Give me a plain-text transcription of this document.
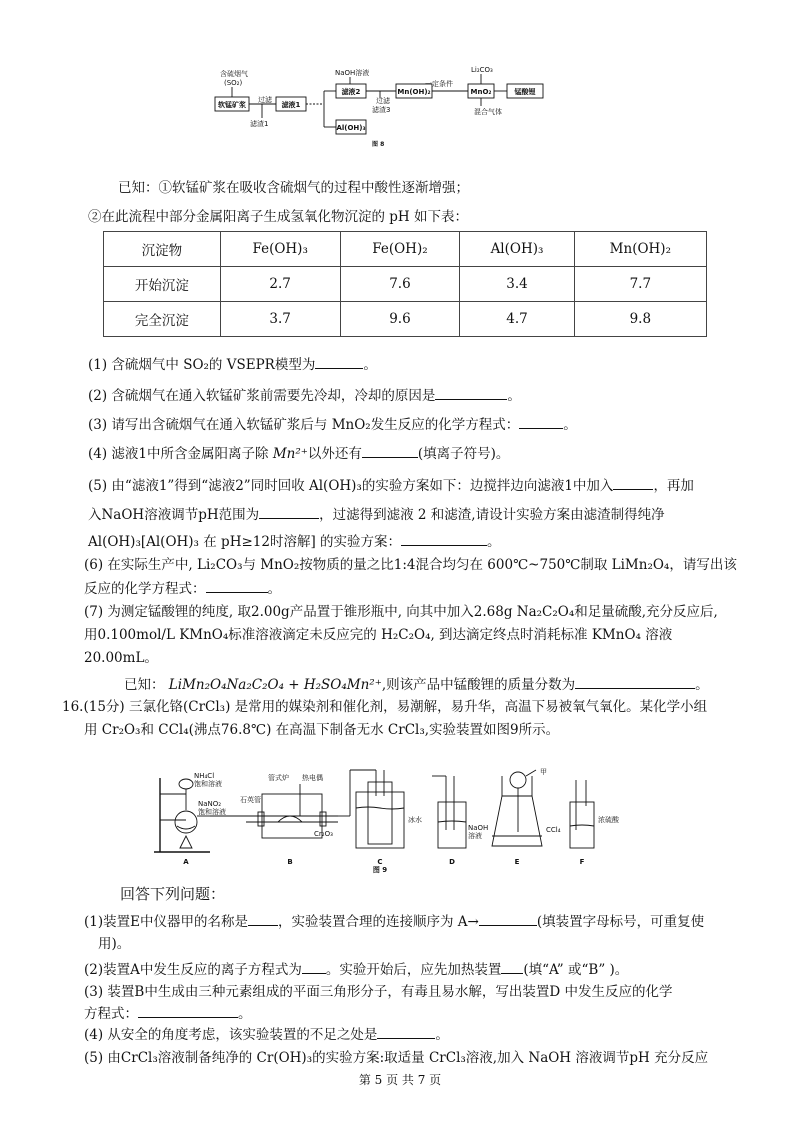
含硫烟气
(SO₂)
NaOH溶液	Li₂CO₃
过滤
滤渣1
过滤
滤渣3
一定条件
混合气体
图 8
软锰矿浆	滤液1
滤液2	Mn(OH)₂	MnO₂	锰酸锂
Al(OH)₃
已知：①软锰矿浆在吸收含硫烟气的过程中酸性逐渐增强；
②在此流程中部分金属阳离子生成氢氧化物沉淀的 pH 如下表：
沉淀物	Fe(OH)₃	Fe(OH)₂	Al(OH)₃	Mn(OH)₂
开始沉淀	2.7	7.6	3.4	7.7
完全沉淀	3.7	9.6	4.7	9.8
(1) 含硫烟气中 SO₂的 VSEPR模型为	。
(2) 含硫烟气在通入软锰矿浆前需要先冷却，冷却的原因是	。
(3) 请写出含硫烟气在通入软锰矿浆后与 MnO₂发生反应的化学方程式：	。
(4) 滤液1中所含金属阳离子除 Mn²⁺以外还有	(填离子符号)。
(5) 由“滤液1”得到“滤液2”同时回收 Al(OH)₃的实验方案如下：边搅拌边向滤液1中加入	，再加
入NaOH溶液调节pH范围为	，过滤得到滤液 2 和滤渣,请设计实验方案由滤渣制得纯净
Al(OH)₃[Al(OH)₃ 在 pH≥12时溶解] 的实验方案：	。
(6) 在实际生产中, Li₂CO₃与 MnO₂按物质的量之比1:4混合均匀在 600℃~750℃制取 LiMn₂O₄，请写出该
反应的化学方程式：	。
(7) 为测定锰酸锂的纯度, 取2.00g产品置于锥形瓶中, 向其中加入2.68g Na₂C₂O₄和足量硫酸,充分反应后,
用0.100mol/L KMnO₄标准溶液滴定未反应完的 H₂C₂O₄, 到达滴定终点时消耗标准 KMnO₄ 溶液
20.00mL。
已知： LiMn₂O₄Na₂C₂O₄ + H₂SO₄Mn²⁺,则该产品中锰酸锂的质量分数为	。
16.(15分) 三氯化铬(CrCl₃) 是常用的媒染剂和催化剂，易潮解，易升华，高温下易被氧气氧化。某化学小组
用 Cr₂O₃和 CCl₄(沸点76.8℃) 在高温下制备无水 CrCl₃,实验装置如图9所示。
NH₄Cl
饱和溶液
NaNO₂
饱和溶液
管式炉 热电偶
石英管
Cr₂O₃
冰水
NaOH
溶液
甲
CCl₄
浓硫酸
A	B	C	D	E	F
图 9
回答下列问题：
(1)装置E中仪器甲的名称是 ，实验装置合理的连接顺序为 A→	(填装置字母标号，可重复使
用)。
(2)装置A中发生反应的离子方程式为 。实验开始后，应先加热装置 (填“A” 或“B” )。
(3) 装置B中生成由三种元素组成的平面三角形分子，有毒且易水解，写出装置D 中发生反应的化学
方程式：	。
(4) 从安全的角度考虑，该实验装置的不足之处是	。
(5) 由CrCl₃溶液制备纯净的 Cr(OH)₃的实验方案:取适量 CrCl₃溶液,加入 NaOH 溶液调节pH 充分反应
第 5 页 共 7 页
